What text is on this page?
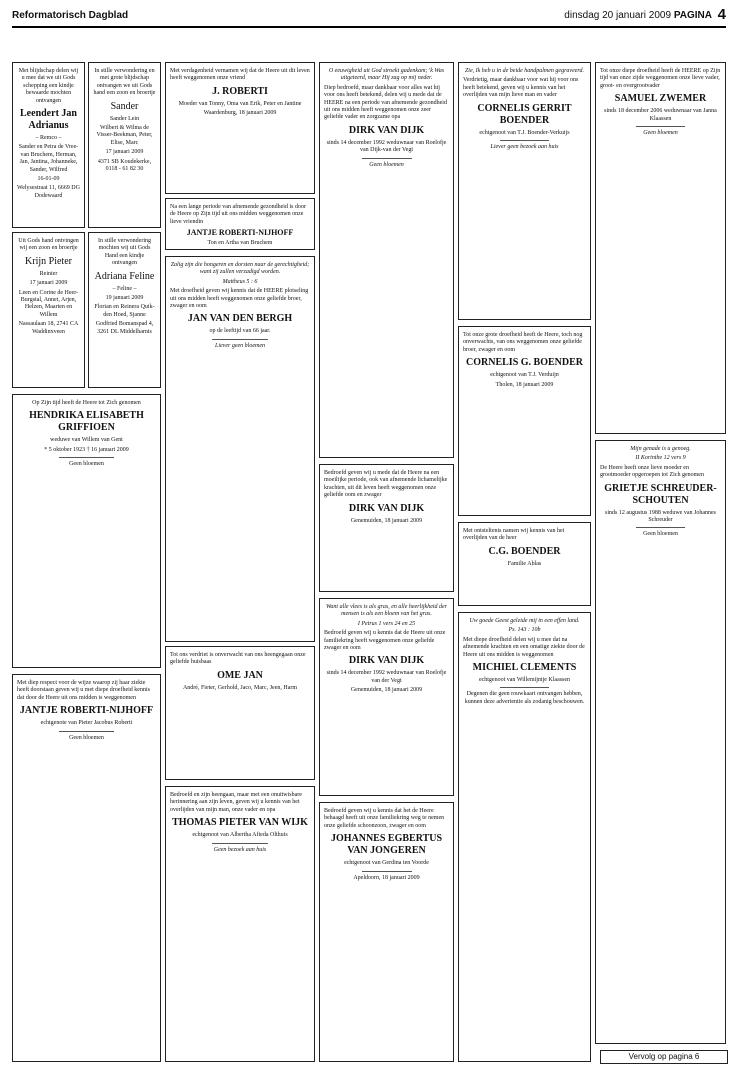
Reformatorisch Dagblad	dinsdag 20 januari 2009 PAGINA 4

Met blijdschap delen wij u mee dat we uit Gods schepping een kindje bewaarde mochten ontvangen

Leendert Jan Adrianus

– Remco –

Sander en Petra de Vree-van Bruchem, Herman, Jan, Jantina, Johanneke, Sander, Wilfred

16-01-09

Welysestraat 11, 6669 DG Dodewaard

In stille verwondering en met grote blijdschap ontvangen we uit Gods hand een zoon en broertje

Sander

Sander Lein

Wilbert & Wilma de Visser-Beekman, Peter, Elise, Marc

17 januari 2009

4371 SB Koudekerke, 0118 - 61 82 30

Uit Gods hand ontvingen wij een zoon en broertje

Krijn Pieter

Reinier

17 januari 2009

Leen en Corine de Heer-Burgstal, Annet, Arjen, Helzen, Maarten en Willem

Nassaulaan 18, 2741 CA Waddinxveen

In stille verwondering mochten wij uit Gods Hand een kindje ontvangen

Adriana Feline

– Feline –

19 januari 2009

Florian en Reinera Quik-den Hoed, Sjanne

Godfried Bomanspad 4, 3261 DL Middelharnis

Op Zijn tijd heeft de Heere tot Zich genomen

HENDRIKA ELISABETH GRIFFIOEN

weduwe van Willem van Gent

* 5 oktober 1923 † 16 januari 2009

Geen bloemen

Met diep respect voor de wijze waarop zij haar ziekte heeft doorstaan geven wij u met diepe droefheid kennis dat door de Heere uit ons midden is weggenomen

JANTJE ROBERTI-NIJHOFF

echtgenote van Pieter Jacobus Roberti

Geen bloemen

Met verdagenheid vernamen wij dat de Heere uit dit leven heeft weggenomen onze vriend

J. ROBERTI

Moeder van Tonny, Oma van Erik, Peter en Jantine

Waardenburg, 18 januari 2009

Na een lange periode van afnemende gezondheid is door de Heere op Zijn tijd uit ons midden weggenomen onze lieve vriendin

JANTJE ROBERTI-NIJHOFF

Ton en Artha van Bruchem

Zalig zijn die hongeren en dorsten naar de gerechtigheid; want zij zullen verzadigd worden.

Mattheus 5 : 6

Met droefheid geven wij kennis dat de HEERE plotseling uit ons midden heeft weggenomen onze geliefde broer, zwager en oom

JAN VAN DEN BERGH

op de leeftijd van 66 jaar.

Liever geen bloemen

Tot ons verdriet is onverwacht van ons heengegaan onze geliefde huisbaas

OME JAN

André, Fieter, Gerhold, Jaco, Marc, Jeen, Harm

Bedroefd en zijn heengaan, maar met een onuitwisbare herinnering aan zijn leven, geven wij u kennis van het overlijden van mijn man, onze vader en opa

THOMAS PIETER VAN WIJK

echtgenoot van Albertha Afieda Olthuis

Geen bezoek aan huis

O eeuwigheid uit God stroekt gadenkam; 'k Was uitgeteerd, maar Hij zag op mij neder.

Diep bedroefd, maar dankbaar voor alles wat hij voor ons heeft betekend, delen wij u mede dat de HEERE na een periode van afnemende gezondheid uit ons midden heeft weggenomen onze zeer geliefde vader en zorgzame opa

DIRK VAN DIJK

sinds 14 december 1992 weduwnaar van Roelofje van Dijk-van der Vegt

Geen bloemen

Bedroefd geven wij u mede dat de Heere na een moeilijke periode, ook van afnemende lichamelijke krachten, uit dit leven heeft weggenomen onze geliefde oom en zwager

DIRK VAN DIJK

Genemuiden, 18 januari 2009

Want alle vlees is als gras, en alle heerlijkheid der mensen is als een bloem van het gras.

I Petrus 1 vers 24 en 25

Bedroefd geven wij u kennis dat de Heere uit onze familiekring heeft weggenomen onze geliefde zwager en oom

DIRK VAN DIJK

sinds 14 december 1992 weduwnaar van Roelofje van der Vegt

Genemuiden, 18 januari 2009

Bedroefd geven wij u kennis dat het de Heere behaagd heeft uit onze familiekring weg te nemen onze geliefde schoonzoon, zwager en oom

JOHANNES EGBERTUS VAN JONGEREN

echtgenoot van Gerdina ten Voorde

Apeldoorn, 18 januari 2009

Zie, Ik heb u in de beide handpalmen gegraveerd.

Verdrietig, maar dankbaar voor wat hij voor ons heeft betekend, geven wij u kennis van het overlijden van mijn lieve man en vader

CORNELIS GERRIT BOENDER

echtgenoot van T.J. Boender-Verkuijs

Liever geen bezoek aan huis

Tot onze grote droefheid heeft de Heere, toch nog onverwachts, van ons weggenomen onze geliefde broer, zwager en oom

CORNELIS G. BOENDER

echtgenoot van T.J. Verduijn

Tholen, 18 januari 2009

Met ontsteltenis namen wij kennis van het overlijden van de heer

C.G. BOENDER

Familie Ablas

Uw goede Geest geleide mij in een effen land.

Ps. 143 : 10b

Met diepe droefheid delen wij u mee dat na afnemende krachten en een omatige ziekte door de Heere uit ons midden is weggenomen

MICHIEL CLEMENTS

echtgenoot van Willemijntje Klaassen

Degenen die geen rouwkaart ontvangen hebben, kunnen deze advertentie als zodanig beschouwen.

Tot onze diepe droefheid heeft de HEERE op Zijn tijd van onze zijde weggenomen onze lieve vader, groot- en overgrootvader

SAMUEL ZWEMER

sinds 18 december 2006 weduwnaar van Janna Klaassen

Geen bloemen

Mijn genade is u genoeg.

II Korinthe 12 vers 9

De Heere heeft onze lieve moeder en grootmoeder opgeroepen tot Zich genomen

GRIETJE SCHREUDER-SCHOUTEN

sinds 12 augustus 1988 weduwe van Johannes Schreuder

Geen bloemen

Vervolg op pagina 6
